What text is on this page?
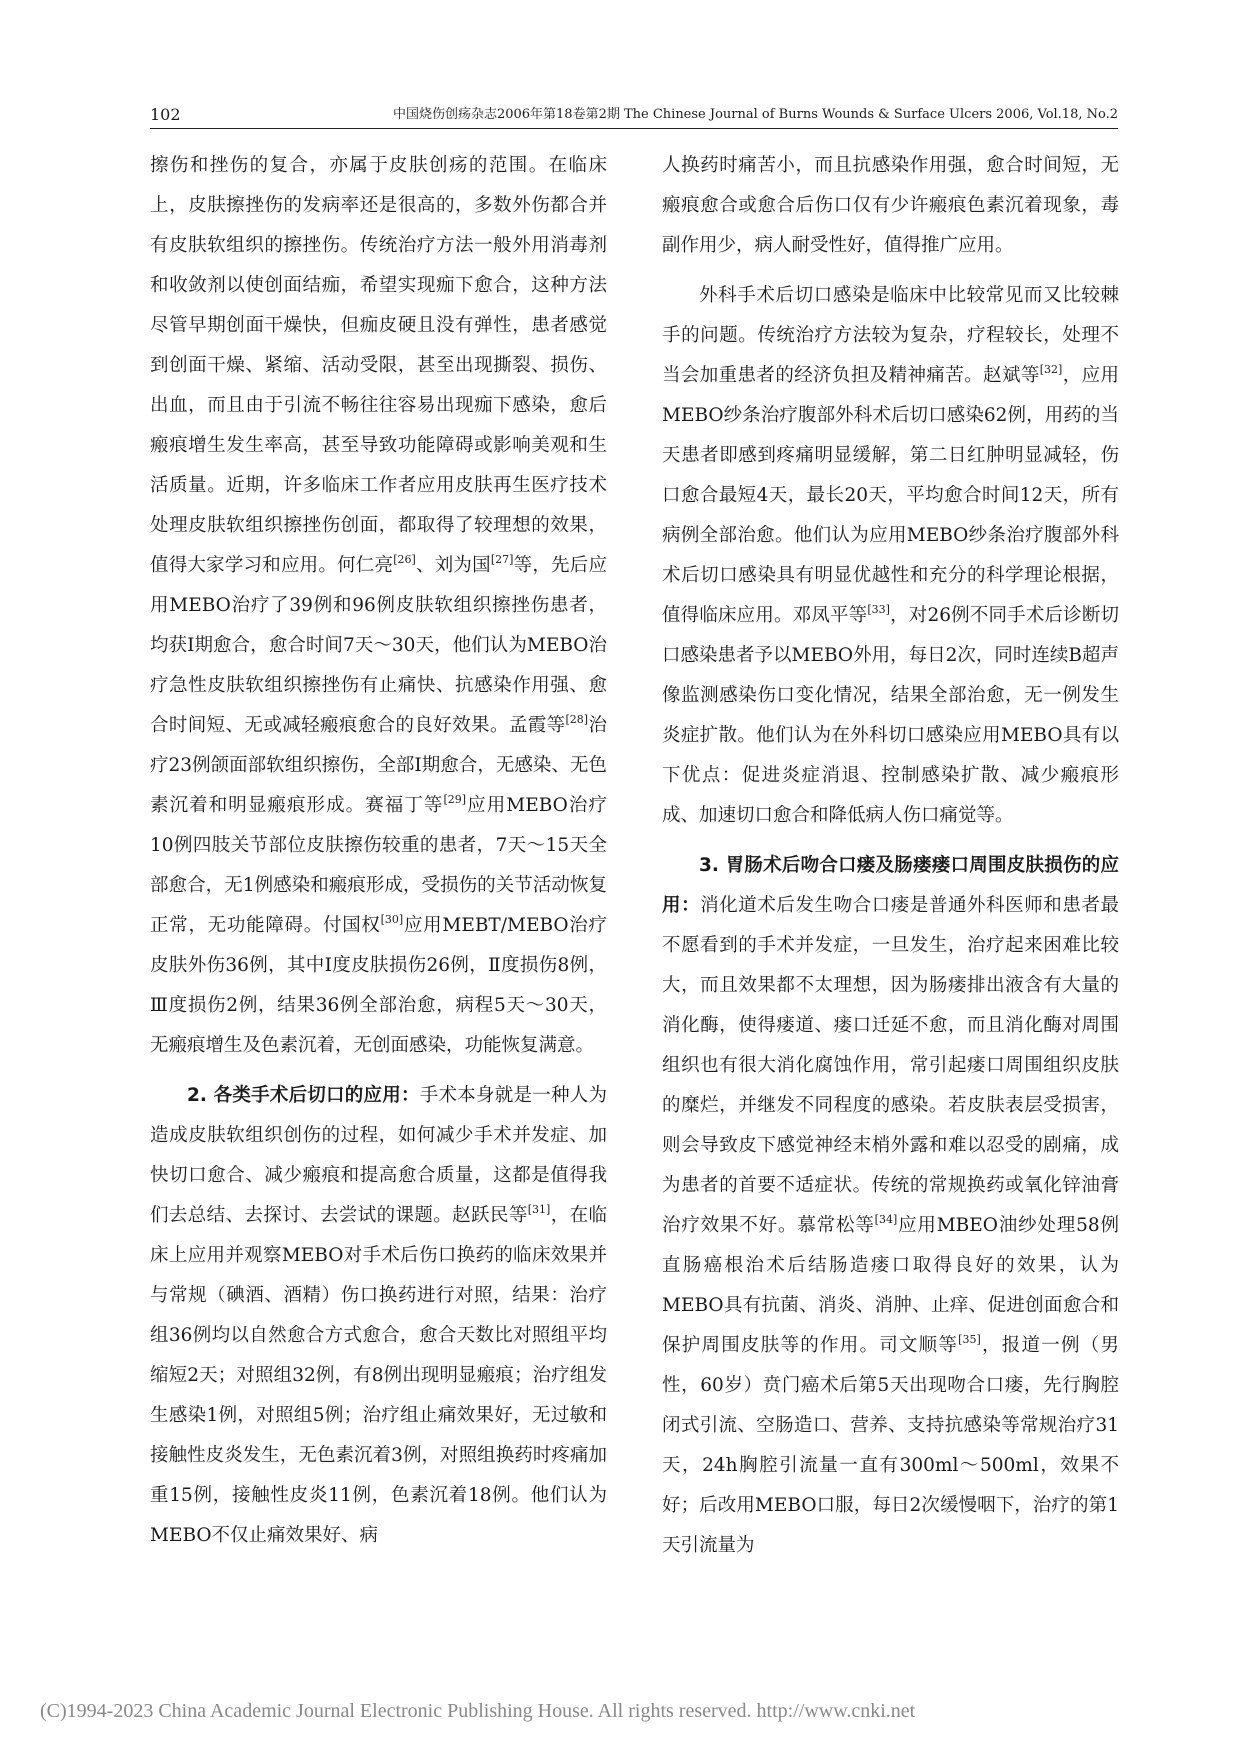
102	中国烧伤创疡杂志2006年第18卷第2期 The Chinese Journal of Burns Wounds & Surface Ulcers 2006, Vol.18, No.2

擦伤和挫伤的复合，亦属于皮肤创疡的范围。在临床上，皮肤擦挫伤的发病率还是很高的，多数外伤都合并有皮肤软组织的擦挫伤。传统治疗方法一般外用消毒剂和收敛剂以使创面结痂，希望实现痂下愈合，这种方法尽管早期创面干燥快，但痂皮硬且没有弹性，患者感觉到创面干燥、紧缩、活动受限，甚至出现撕裂、损伤、出血，而且由于引流不畅往往容易出现痂下感染，愈后瘢痕增生发生率高，甚至导致功能障碍或影响美观和生活质量。近期，许多临床工作者应用皮肤再生医疗技术处理皮肤软组织擦挫伤创面，都取得了较理想的效果，值得大家学习和应用。何仁亮[26]、刘为国[27]等，先后应用MEBO治疗了39例和96例皮肤软组织擦挫伤患者，均获I期愈合，愈合时间7天～30天，他们认为MEBO治疗急性皮肤软组织擦挫伤有止痛快、抗感染作用强、愈合时间短、无或减轻瘢痕愈合的良好效果。孟霞等[28]治疗23例颌面部软组织擦伤，全部I期愈合，无感染、无色素沉着和明显瘢痕形成。赛福丁等[29]应用MEBO治疗10例四肢关节部位皮肤擦伤较重的患者，7天～15天全部愈合，无1例感染和瘢痕形成，受损伤的关节活动恢复正常，无功能障碍。付国权[30]应用MEBT/MEBO治疗皮肤外伤36例，其中I度皮肤损伤26例，Ⅱ度损伤8例，Ⅲ度损伤2例，结果36例全部治愈，病程5天～30天，无瘢痕增生及色素沉着，无创面感染，功能恢复满意。

2. 各类手术后切口的应用：手术本身就是一种人为造成皮肤软组织创伤的过程，如何减少手术并发症、加快切口愈合、减少瘢痕和提高愈合质量，这都是值得我们去总结、去探讨、去尝试的课题。赵跃民等[31]，在临床上应用并观察MEBO对手术后伤口换药的临床效果并与常规（碘酒、酒精）伤口换药进行对照，结果：治疗组36例均以自然愈合方式愈合，愈合天数比对照组平均缩短2天；对照组32例，有8例出现明显瘢痕；治疗组发生感染1例，对照组5例；治疗组止痛效果好，无过敏和接触性皮炎发生，无色素沉着3例，对照组换药时疼痛加重15例，接触性皮炎11例，色素沉着18例。他们认为MEBO不仅止痛效果好、病

人换药时痛苦小，而且抗感染作用强，愈合时间短，无瘢痕愈合或愈合后伤口仅有少许瘢痕色素沉着现象，毒副作用少，病人耐受性好，值得推广应用。

外科手术后切口感染是临床中比较常见而又比较棘手的问题。传统治疗方法较为复杂，疗程较长，处理不当会加重患者的经济负担及精神痛苦。赵斌等[32]，应用MEBO纱条治疗腹部外科术后切口感染62例，用药的当天患者即感到疼痛明显缓解，第二日红肿明显减轻，伤口愈合最短4天，最长20天，平均愈合时间12天，所有病例全部治愈。他们认为应用MEBO纱条治疗腹部外科术后切口感染具有明显优越性和充分的科学理论根据，值得临床应用。邓凤平等[33]，对26例不同手术后诊断切口感染患者予以MEBO外用，每日2次，同时连续B超声像监测感染伤口变化情况，结果全部治愈，无一例发生炎症扩散。他们认为在外科切口感染应用MEBO具有以下优点：促进炎症消退、控制感染扩散、减少瘢痕形成、加速切口愈合和降低病人伤口痛觉等。

3. 胃肠术后吻合口瘘及肠瘘瘘口周围皮肤损伤的应用：消化道术后发生吻合口瘘是普通外科医师和患者最不愿看到的手术并发症，一旦发生，治疗起来困难比较大，而且效果都不太理想，因为肠瘘排出液含有大量的消化酶，使得瘘道、瘘口迁延不愈，而且消化酶对周围组织也有很大消化腐蚀作用，常引起瘘口周围组织皮肤的糜烂，并继发不同程度的感染。若皮肤表层受损害，则会导致皮下感觉神经末梢外露和难以忍受的剧痛，成为患者的首要不适症状。传统的常规换药或氧化锌油膏治疗效果不好。慕常松等[34]应用MBEO油纱处理58例直肠癌根治术后结肠造瘘口取得良好的效果，认为MEBO具有抗菌、消炎、消肿、止痒、促进创面愈合和保护周围皮肤等的作用。司文顺等[35]，报道一例（男性，60岁）贲门癌术后第5天出现吻合口瘘，先行胸腔闭式引流、空肠造口、营养、支持抗感染等常规治疗31天，24h胸腔引流量一直有300ml～500ml，效果不好；后改用MEBO口服，每日2次缓慢咽下，治疗的第1天引流量为

(C)1994-2023 China Academic Journal Electronic Publishing House. All rights reserved. http://www.cnki.net
